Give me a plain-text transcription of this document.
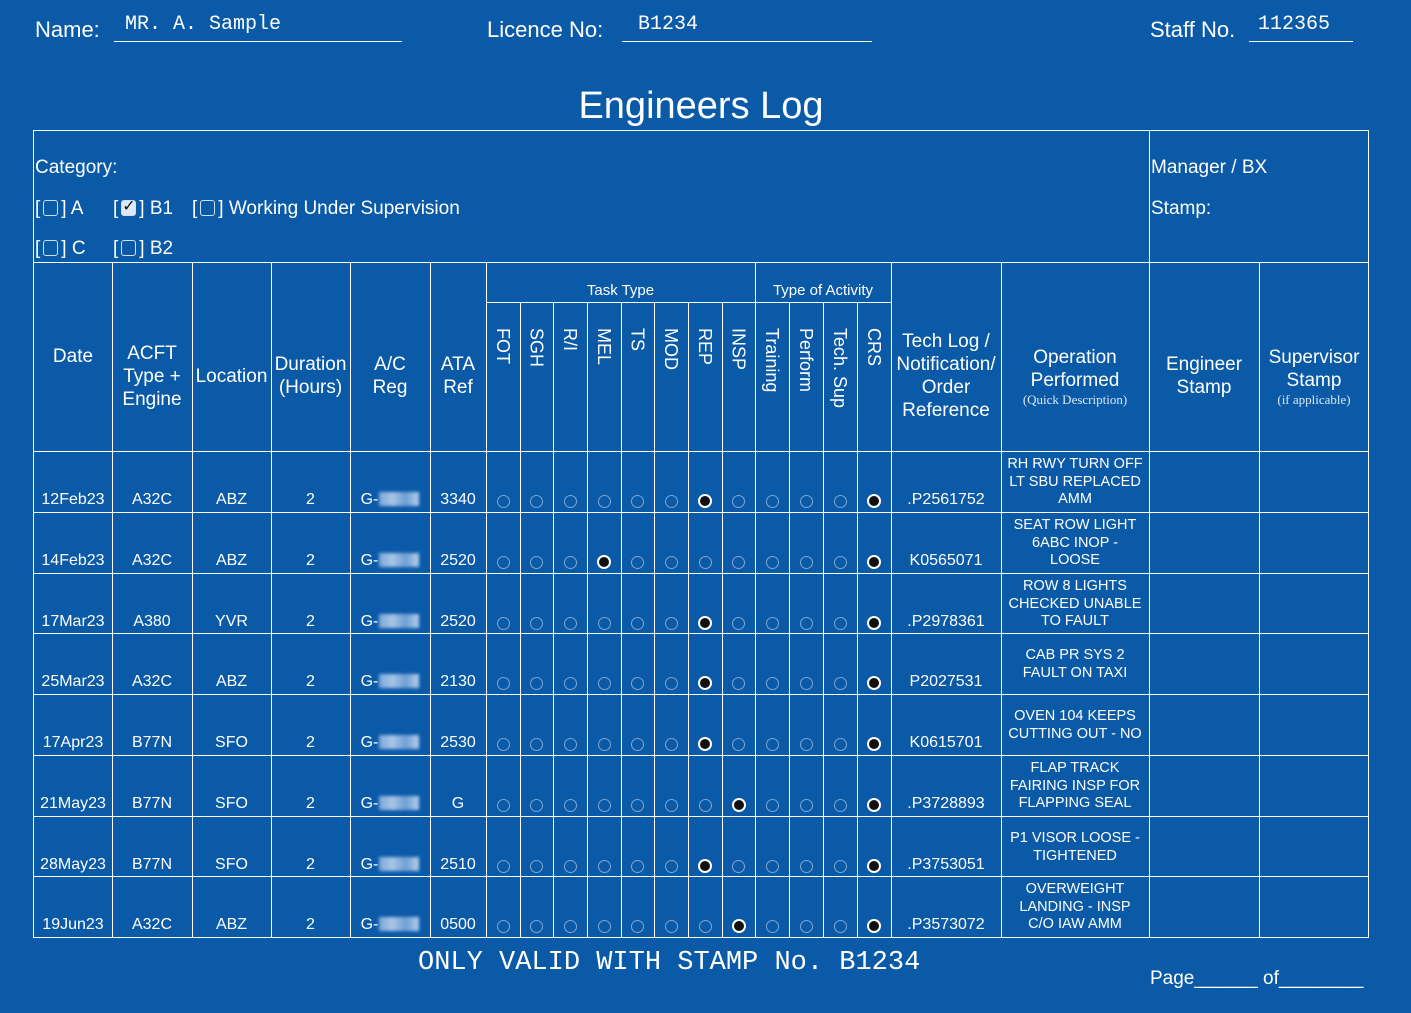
Name: MR. A. Sample	Licence No: B1234	Staff No. 112365
Engineers Log
Category:
[ ] A [✓ ] B1 [ ] Working Under Supervision
[ ] C [ ] B2
Manager / BX
Stamp:
Date	ACFT Type + Engine
Location
Duration (Hours)
A/C Reg
ATA Ref
Task Type	Type of Activity
FOT SGH R/I MEL TS MOD REP INSP Training Perform Tech. Sup CRS Tech Log / Notification/ Order Reference
Operation Performed
(Quick Description)
Engineer Stamp
Supervisor Stamp
(if applicable)
12Feb23	A32C	ABZ	2	G-	3340	.P2561752
RH RWY TURN OFF
LT SBU REPLACED
AMM
14Feb23	A32C	ABZ	2	G-	2520	K0565071
SEAT ROW LIGHT
6ABC INOP -
LOOSE
17Mar23	A380	YVR	2	G-	2520	.P2978361
ROW 8 LIGHTS
CHECKED UNABLE
TO FAULT
25Mar23	A32C	ABZ	2	G-	2130	P2027531
CAB PR SYS 2
FAULT ON TAXI
17Apr23	B77N	SFO	2	G-	2530	K0615701
OVEN 104 KEEPS
CUTTING OUT - NO
21May23	B77N	SFO	2	G-	G	.P3728893
FLAP TRACK
FAIRING INSP FOR
FLAPPING SEAL
28May23	B77N	SFO	2	G-	2510	.P3753051
P1 VISOR LOOSE -
TIGHTENED
19Jun23	A32C	ABZ	2	G-	0500	.P3573072
OVERWEIGHT
LANDING - INSP
C/O IAW AMM
ONLY VALID WITH STAMP No. B1234
Page______ of________
